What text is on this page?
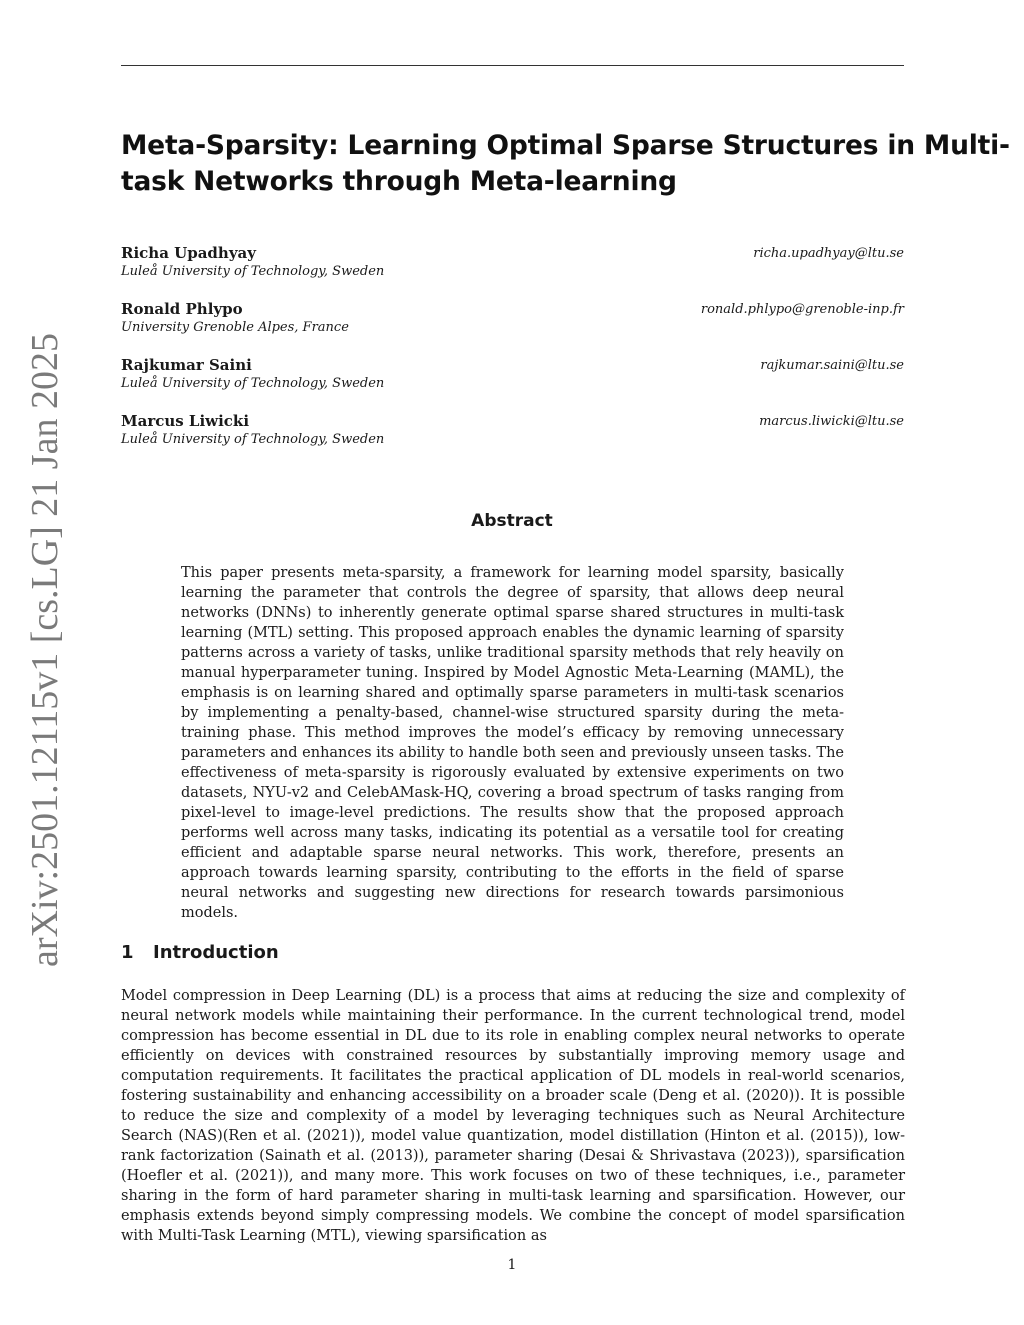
arXiv:2501.12115v1 [cs.LG] 21 Jan 2025
Meta-Sparsity: Learning Optimal Sparse Structures in Multi-
task Networks through Meta-learning
Richa Upadhyay	richa.upadhyay@ltu.se
Luleå University of Technology, Sweden
Ronald Phlypo	ronald.phlypo@grenoble-inp.fr
University Grenoble Alpes, France
Rajkumar Saini	rajkumar.saini@ltu.se
Luleå University of Technology, Sweden
Marcus Liwicki	marcus.liwicki@ltu.se
Luleå University of Technology, Sweden
Abstract

This paper presents meta-sparsity, a framework for learning model sparsity, basically learning the parameter that controls the degree of sparsity, that allows deep neural networks (DNNs) to inherently generate optimal sparse shared structures in multi-task learning (MTL) setting. This proposed approach enables the dynamic learning of sparsity patterns across a variety of tasks, unlike traditional sparsity methods that rely heavily on manual hyperparameter tuning. Inspired by Model Agnostic Meta-Learning (MAML), the emphasis is on learning shared and optimally sparse parameters in multi-task scenarios by implementing a penalty-based, channel-wise structured sparsity during the meta-training phase. This method improves the model’s efficacy by removing unnecessary parameters and enhances its ability to handle both seen and previously unseen tasks. The effectiveness of meta-sparsity is rigorously evaluated by extensive experiments on two datasets, NYU-v2 and CelebAMask-HQ, covering a broad spectrum of tasks ranging from pixel-level to image-level predictions. The results show that the proposed approach performs well across many tasks, indicating its potential as a versatile tool for creating efficient and adaptable sparse neural networks. This work, therefore, presents an approach towards learning sparsity, contributing to the efforts in the field of sparse neural networks and suggesting new directions for research towards parsimonious models.

1 Introduction

Model compression in Deep Learning (DL) is a process that aims at reducing the size and complexity of neural network models while maintaining their performance. In the current technological trend, model compression has become essential in DL due to its role in enabling complex neural networks to operate efficiently on devices with constrained resources by substantially improving memory usage and computation requirements. It facilitates the practical application of DL models in real-world scenarios, fostering sustainability and enhancing accessibility on a broader scale (Deng et al. (2020)). It is possible to reduce the size and complexity of a model by leveraging techniques such as Neural Architecture Search (NAS)(Ren et al. (2021)), model value quantization, model distillation (Hinton et al. (2015)), low-rank factorization (Sainath et al. (2013)), parameter sharing (Desai & Shrivastava (2023)), sparsification (Hoefler et al. (2021)), and many more. This work focuses on two of these techniques, i.e., parameter sharing in the form of hard parameter sharing in multi-task learning and sparsification. However, our emphasis extends beyond simply compressing models. We combine the concept of model sparsification with Multi-Task Learning (MTL), viewing sparsification as

1
